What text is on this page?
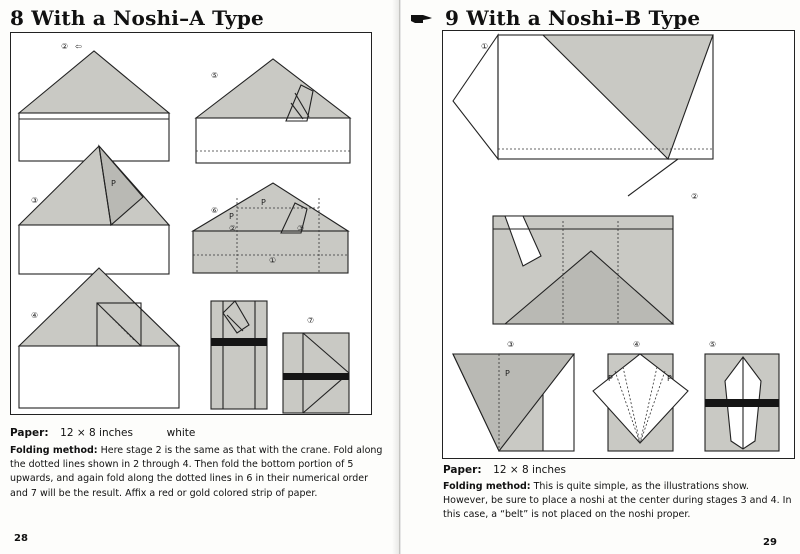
8 With a Noshi–A Type
② ⇦
⑤
P
③	P
P
②	③
①
⑥
④
⑦
Paper: 12 × 8 inches	white
Folding method: Here stage 2 is the same as that with the crane. Fold along the dotted lines shown in 2 through 4. Then fold the bottom portion of 5 upwards, and again fold along the dotted lines in 6 in their numerical order and 7 will be the result. Affix a red or gold colored strip of paper.
28
9 With a Noshi–B Type
①
②
P
③
P	P
④	⑤
Paper: 12 × 8 inches
Folding method: This is quite simple, as the illustrations show. However, be sure to place a noshi at the center during stages 3 and 4. In this case, a “belt” is not placed on the noshi proper.
29
